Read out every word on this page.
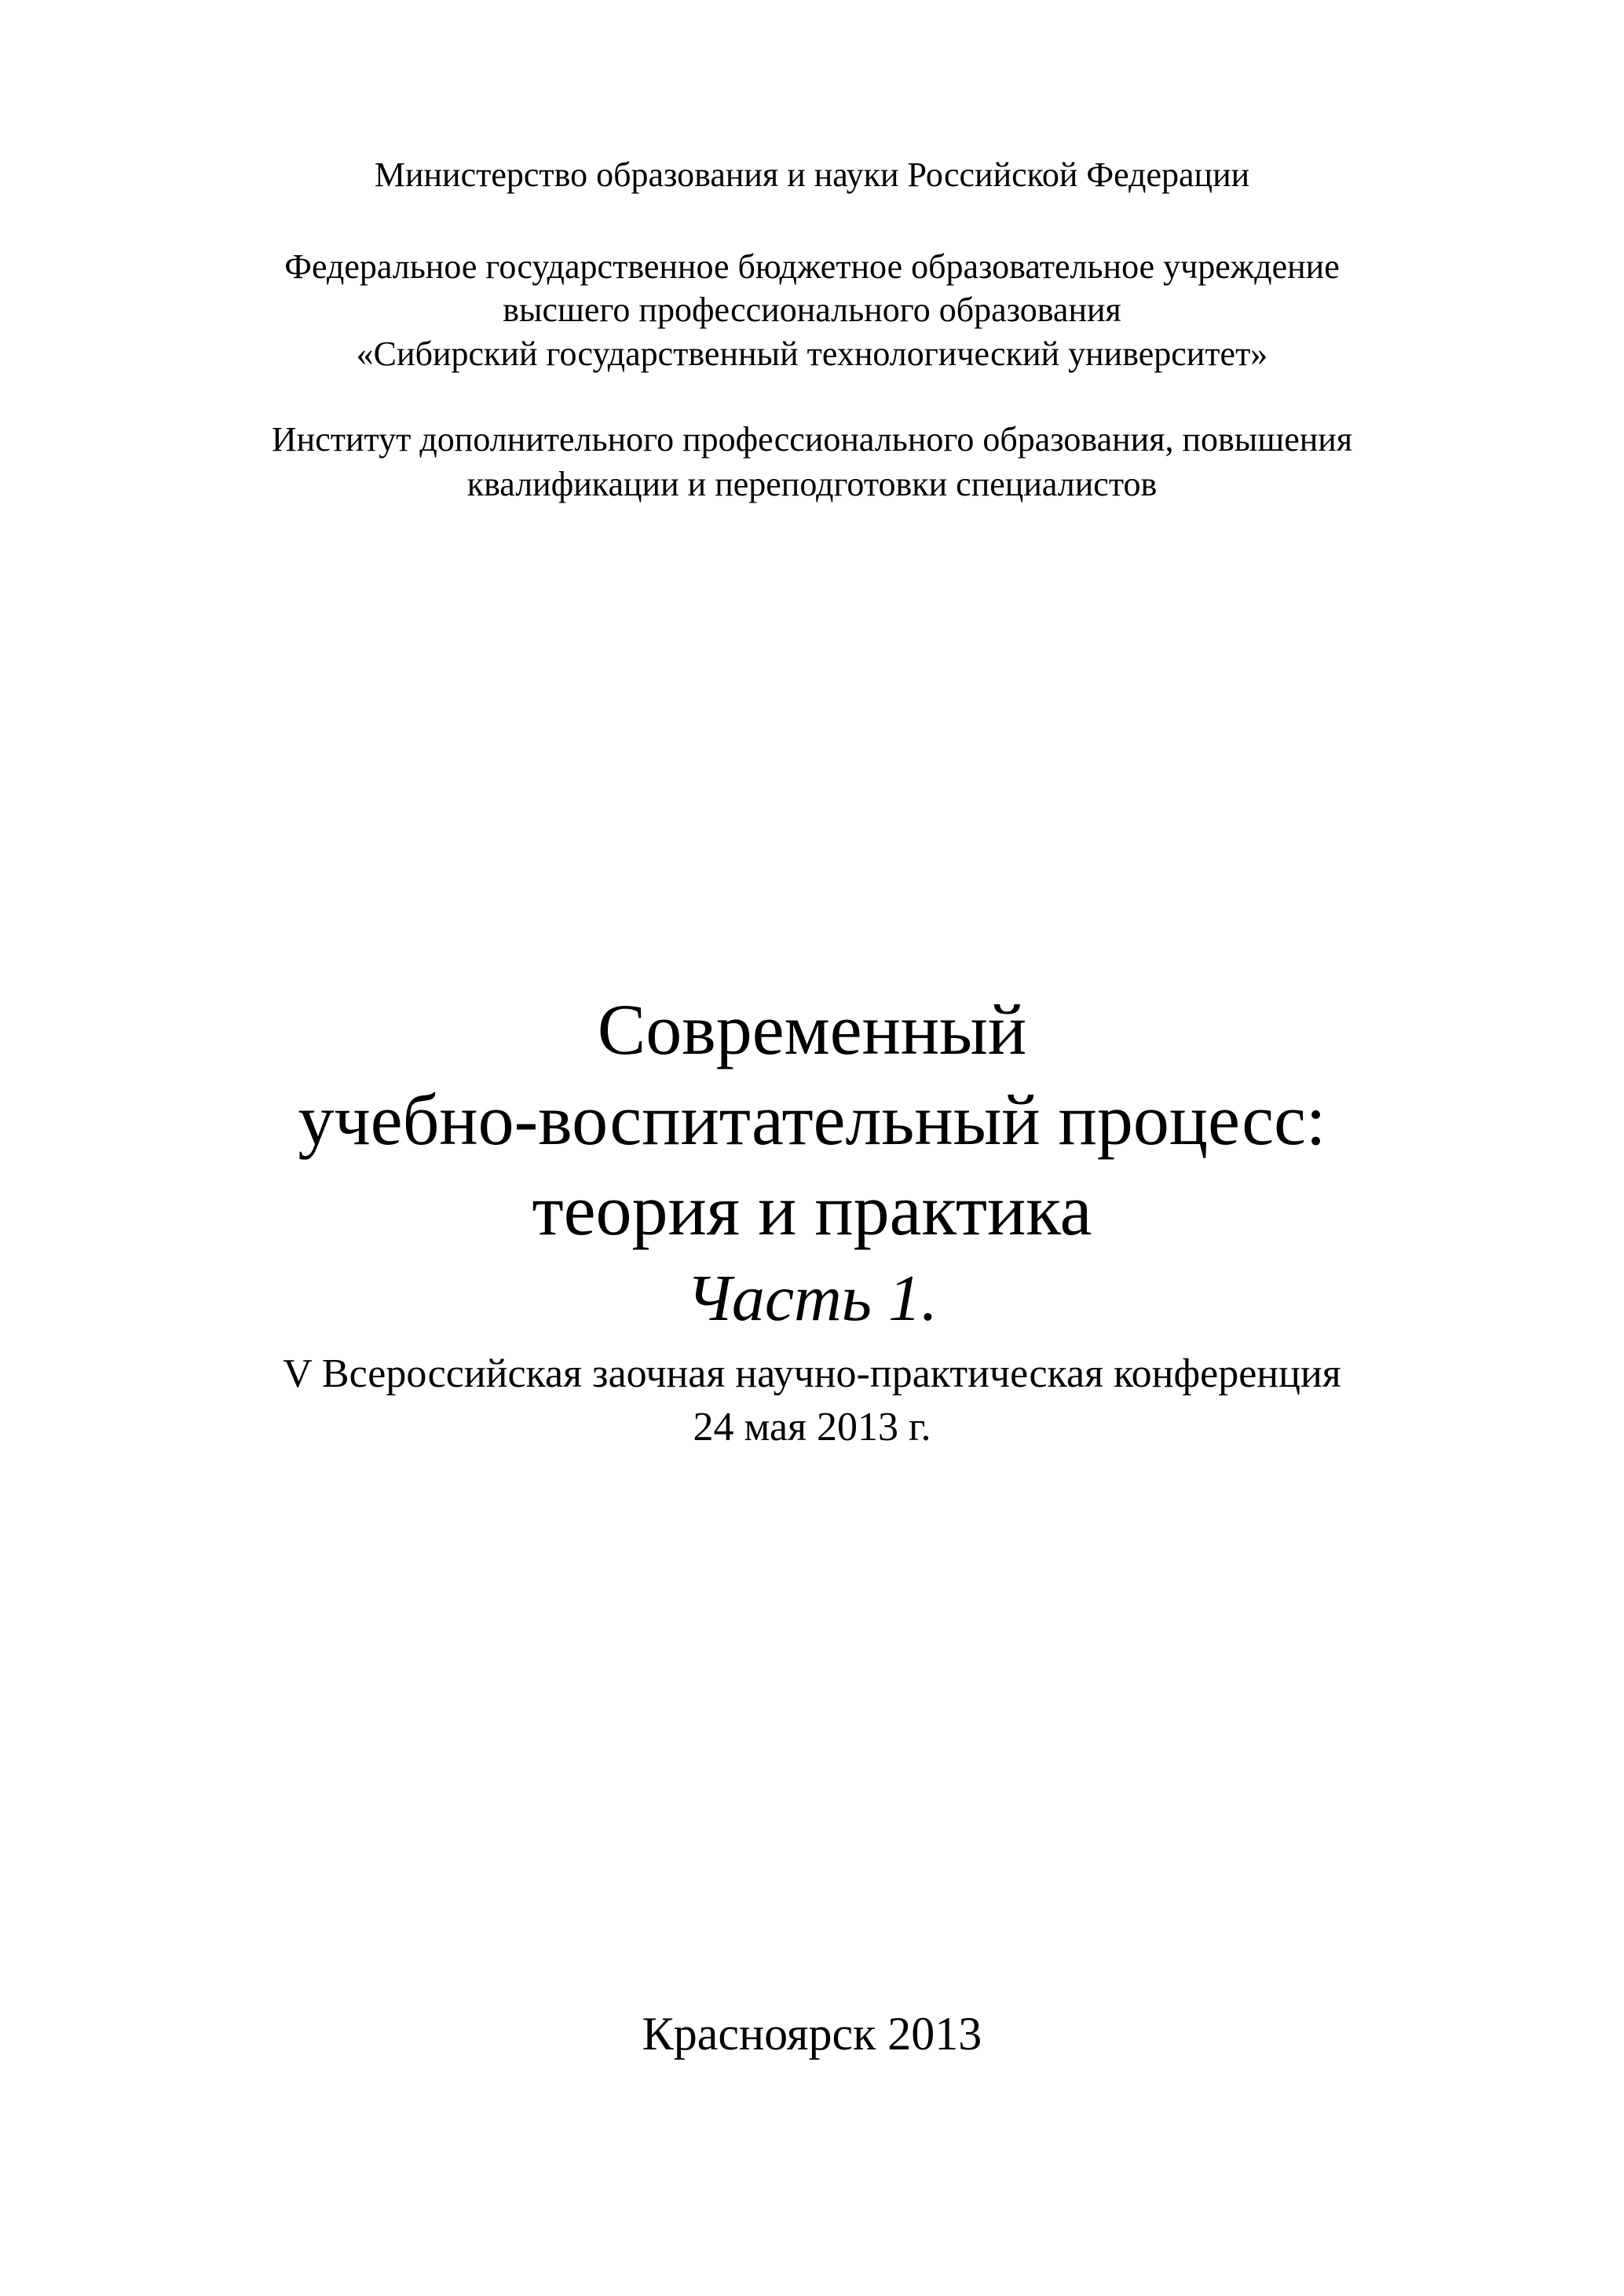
Министерство образования и науки Российской Федерации
Федеральное государственное бюджетное образовательное учреждение
высшего профессионального образования
«Сибирский государственный технологический университет»
Институт дополнительного профессионального образования, повышения
квалификации и переподготовки специалистов
Современный
учебно-воспитательный процесс:
теория и практика
Часть 1.
V Всероссийская заочная научно-практическая конференция
24 мая 2013 г.
Красноярск 2013
